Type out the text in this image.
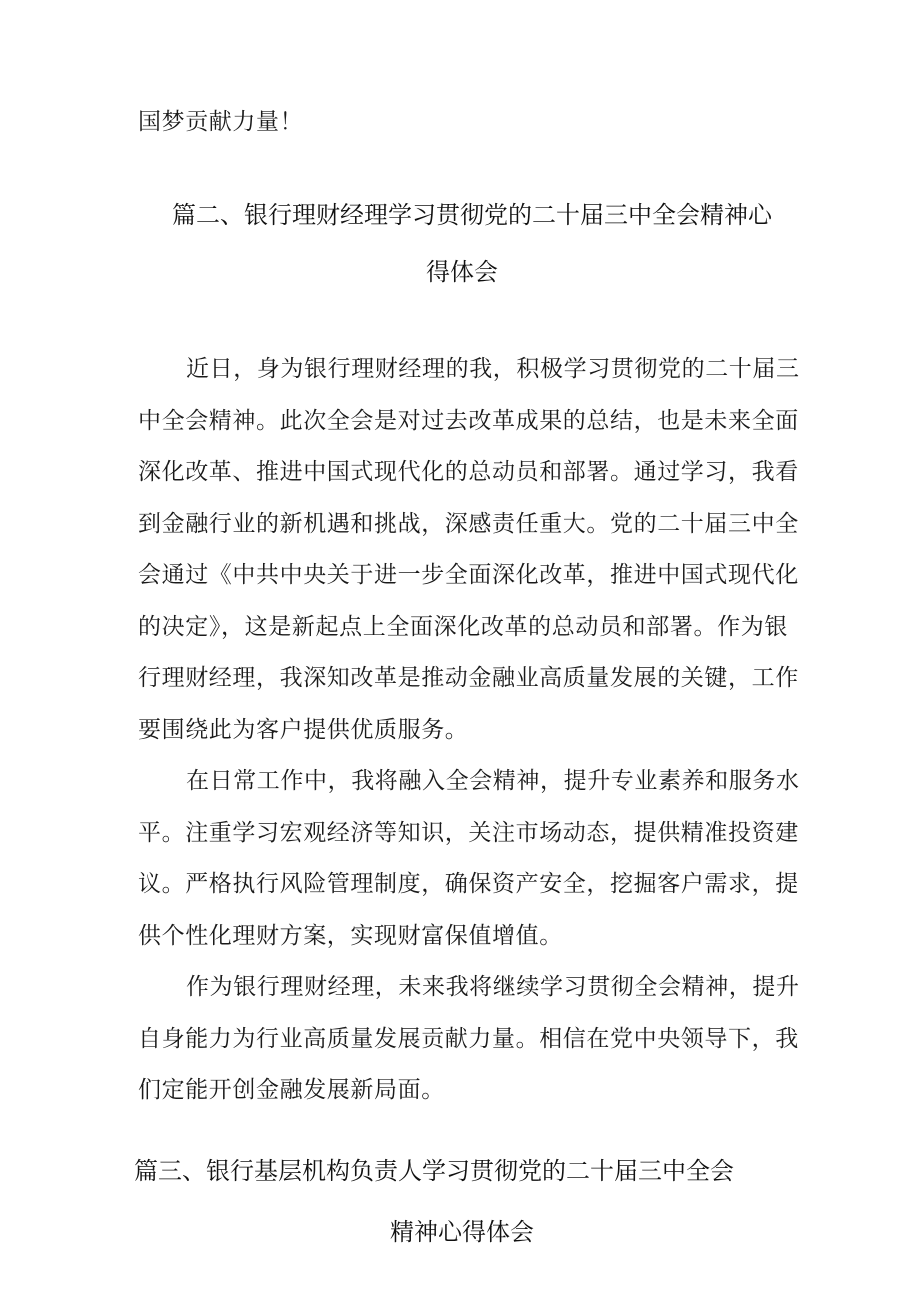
国梦贡献力量！
篇二、银行理财经理学习贯彻党的二十届三中全会精神心
得体会
近日，身为银行理财经理的我，积极学习贯彻党的二十届三
中全会精神。此次全会是对过去改革成果的总结，也是未来全面
深化改革、推进中国式现代化的总动员和部署。通过学习，我看
到金融行业的新机遇和挑战，深感责任重大。党的二十届三中全
会通过《中共中央关于进一步全面深化改革，推进中国式现代化
的决定》，这是新起点上全面深化改革的总动员和部署。作为银
行理财经理，我深知改革是推动金融业高质量发展的关键，工作
要围绕此为客户提供优质服务。
在日常工作中，我将融入全会精神，提升专业素养和服务水
平。注重学习宏观经济等知识，关注市场动态，提供精准投资建
议。严格执行风险管理制度，确保资产安全，挖掘客户需求，提
供个性化理财方案，实现财富保值增值。
作为银行理财经理，未来我将继续学习贯彻全会精神，提升
自身能力为行业高质量发展贡献力量。相信在党中央领导下，我
们定能开创金融发展新局面。
篇三、银行基层机构负责人学习贯彻党的二十届三中全会
精神心得体会
